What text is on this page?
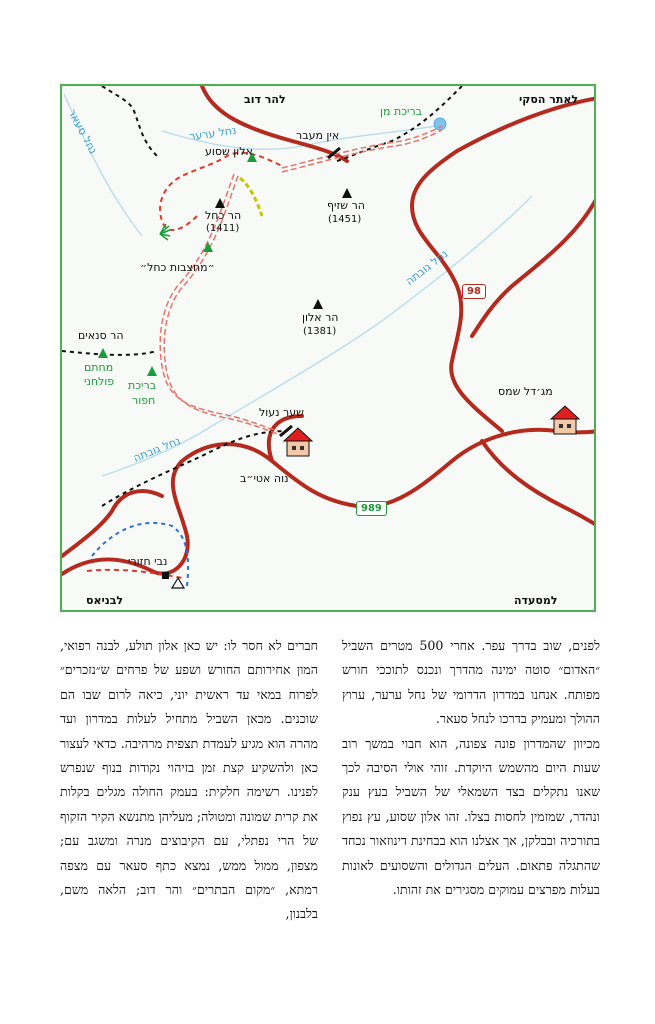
להר דוב	לאתר הסקי
לבניאס	למסעדה
הר שזיף
(1451)
הר כחל
(1411)
הר אלון
(1381)
הר סנאים
אלון שסוע
״מחצבות כחל״
אין מעבר
שער נעול
נוה אטי״ב
מג׳דל שמס
נבי חזורי
בריכת מן
מחתם
פולחני בריכת
חפור
נחל סעאר	נחל ערער
נחל גובתה
נחל גובתה
98
989

לפנים, שוב בדרך עפר. אחרי 500 מטרים השביל ״האדום״ סוטה ימינה מהדרך ונכנס לתוככי חורש מפותח. אנחנו במדרון הדרומי של נחל ערער, ערוץ ההולך ומעמיק בדרכו לנחל סעאר.
מכיוון שהמדרון פונה צפונה, הוא חבוי במשך רוב שעות היום מהשמש היוקדת. זוהי אולי הסיבה לכך שאנו נתקלים בצד השמאלי של השביל בעץ ענק ונהדר, שמזמין לחסות בצלו. זהו אלון שסוע, עץ נפוץ בתורכיה ובבלקן, אך אצלנו הוא בבחינת דינוזאור נכחד שהתגלה פתאום. העלים הגדולים והשסועים לאונות בעלות מפרצים עמוקים מסגירים את זהותו.

חברים לא חסר לו: יש כאן אלון תולע, לבנה רפואי, המון אחירותם החורש ושפע של פרחים ש״נזכרים״ לפרוח במאי עד ראשית יוני, כיאה לרום שבו הם שוכנים. מכאן השביל מתחיל לעלות במדרון ועד מהרה הוא מגיע לעמדת תצפית מרהיבה. כדאי לעצור כאן ולהשקיע קצת זמן בזיהוי נקודות בנוף שנפרש לפנינו. רשימה חלקית: בעמק החולה מגלים בקלות את קרית שמונה ומטולה; מעליהן מתנשא הקיר הזקוף של הרי נפתלי, עם הקיבוצים מנרה ומשגב עם; מצפון, ממול ממש, נמצא כתף סעאר עם מצפה רמתא, ״מקום הבתרים״ והר דוב; הלאה משם, בלבנון,
